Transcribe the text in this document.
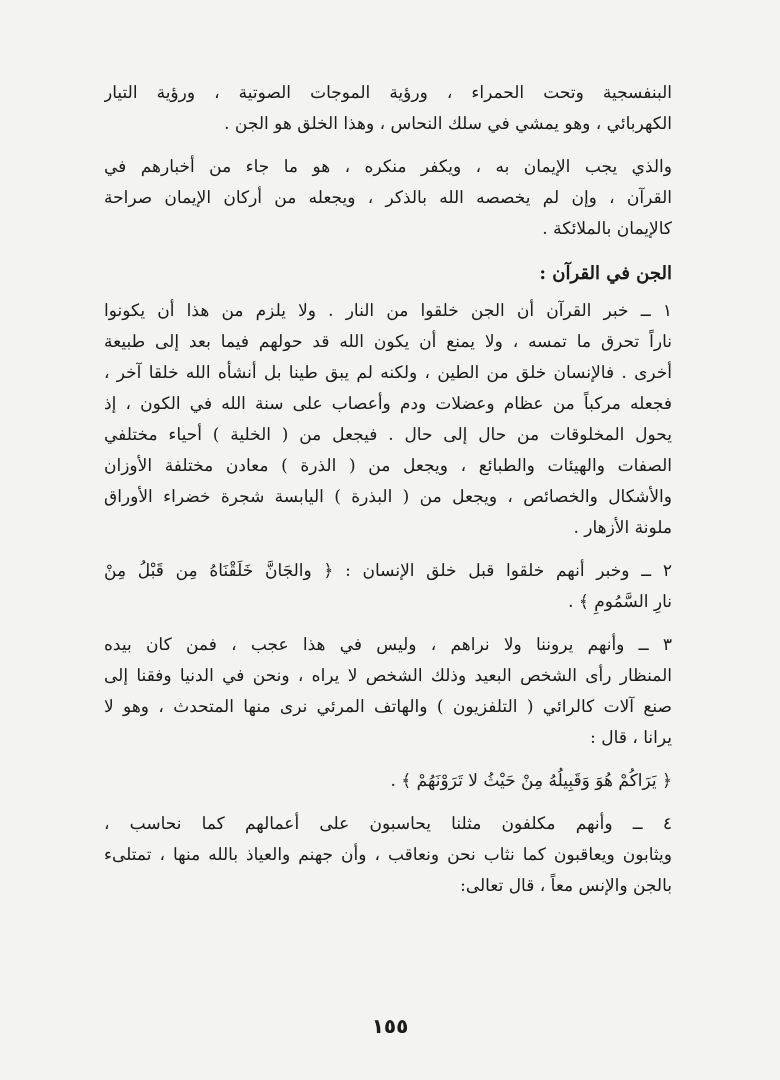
البنفسجية وتحت الحمراء ، ورؤية الموجات الصوتية ، ورؤية التيار
الكهربائي ، وهو يمشي في سلك النحاس ، وهذا الخلق هو الجن .
والذي يجب الإيمان به ، ويكفر منكره ، هو ما جاء من أخبارهم في
القرآن ، وإن لم يخصصه الله بالذكر ، ويجعله من أركان الإيمان صراحة
كالإيمان بالملائكة .
الجن في القرآن :
١ ــ خبر القرآن أن الجن خلقوا من النار . ولا يلزم من هذا أن يكونوا
ناراً تحرق ما تمسه ، ولا يمنع أن يكون الله قد حولهم فيما بعد إلى طبيعة
أخرى . فالإنسان خلق من الطين ، ولكنه لم يبق طينا بل أنشأه الله خلقا آخر ،
فجعله مركباً من عظام وعضلات ودم وأعصاب على سنة الله في الكون ، إذ
يحول المخلوقات من حال إلى حال . فيجعل من ( الخلية ) أحياء مختلفي
الصفات والهيئات والطبائع ، ويجعل من ( الذرة ) معادن مختلفة الأوزان
والأشكال والخصائص ، ويجعل من ( البذرة ) اليابسة شجرة خضراء الأوراق
ملونة الأزهار .
٢ ــ وخبر أنهم خلقوا قبل خلق الإنسان : ﴿ والجَانَّ خَلَقْنَاهُ مِن قَبْلُ مِنْ
نارِ السَّمُومِ ﴾ .
٣ ــ وأنهم يروننا ولا نراهم ، وليس في هذا عجب ، فمن كان بيده
المنظار رأى الشخص البعيد وذلك الشخص لا يراه ، ونحن في الدنيا وفقنا إلى
صنع آلات كالرائي ( التلفزيون ) والهاتف المرئي نرى منها المتحدث ، وهو لا
يرانا ، قال :
﴿ يَرَاكُمْ هُوَ وَقَبِيلُهُ مِنْ حَيْثُ لا تَرَوْنَهُمْ ﴾ .
٤ ــ وأنهم مكلفون مثلنا يحاسبون على أعمالهم كما نحاسب ،
ويثابون ويعاقبون كما نثاب نحن ونعاقب ، وأن جهنم والعياذ بالله منها ، تمتلىء
بالجن والإنس معاً ، قال تعالى:
١٥٥
